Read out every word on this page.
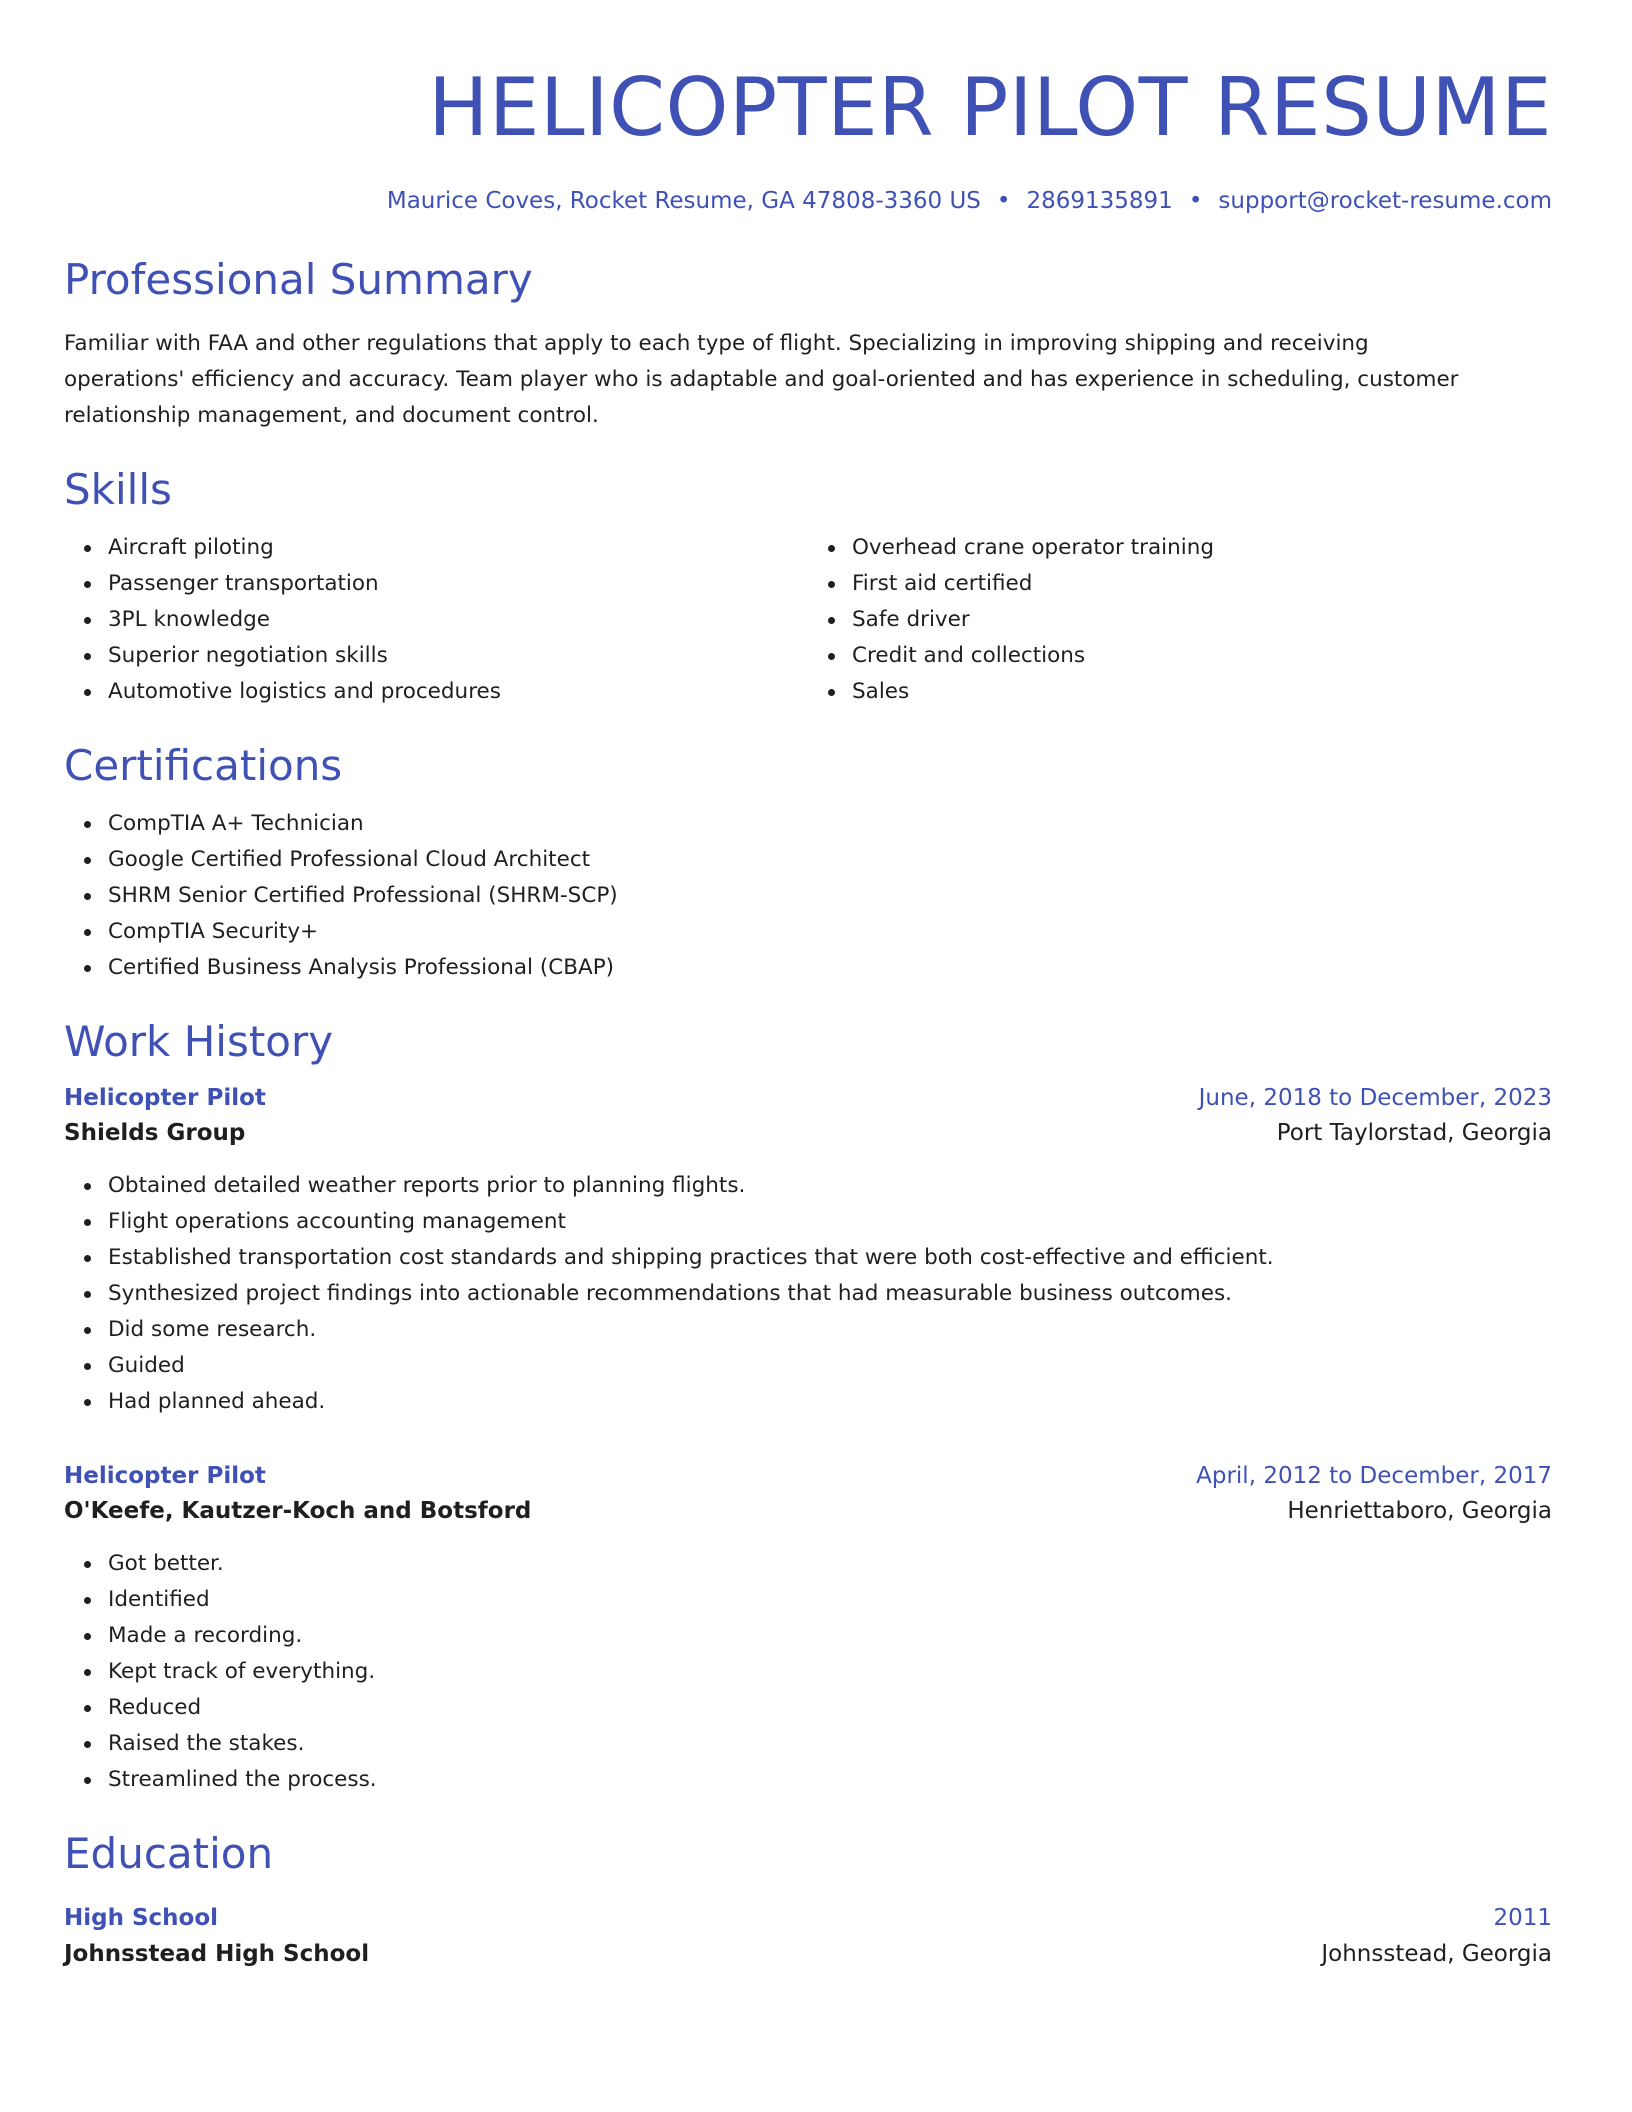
HELICOPTER PILOT RESUME
Maurice Coves, Rocket Resume, GA 47808-3360 US • 2869135891 • support@rocket-resume.com
Professional Summary

Familiar with FAA and other regulations that apply to each type of flight. Specializing in improving shipping and receiving operations' efficiency and accuracy. Team player who is adaptable and goal-oriented and has experience in scheduling, customer relationship management, and document control.

Skills
Aircraft piloting
Passenger transportation
3PL knowledge
Superior negotiation skills
Automotive logistics and procedures
Overhead crane operator training
First aid certified
Safe driver
Credit and collections
Sales
Certifications
CompTIA A+ Technician
Google Certified Professional Cloud Architect
SHRM Senior Certified Professional (SHRM-SCP)
CompTIA Security+
Certified Business Analysis Professional (CBAP)
Work History
Helicopter Pilot	June, 2018 to December, 2023
Shields Group	Port Taylorstad, Georgia
Obtained detailed weather reports prior to planning flights.
Flight operations accounting management
Established transportation cost standards and shipping practices that were both cost-effective and efficient.
Synthesized project findings into actionable recommendations that had measurable business outcomes.
Did some research.
Guided
Had planned ahead.
Helicopter Pilot	April, 2012 to December, 2017
O'Keefe, Kautzer-Koch and Botsford	Henriettaboro, Georgia
Got better.
Identified
Made a recording.
Kept track of everything.
Reduced
Raised the stakes.
Streamlined the process.
Education
High School	2011
Johnsstead High School	Johnsstead, Georgia
